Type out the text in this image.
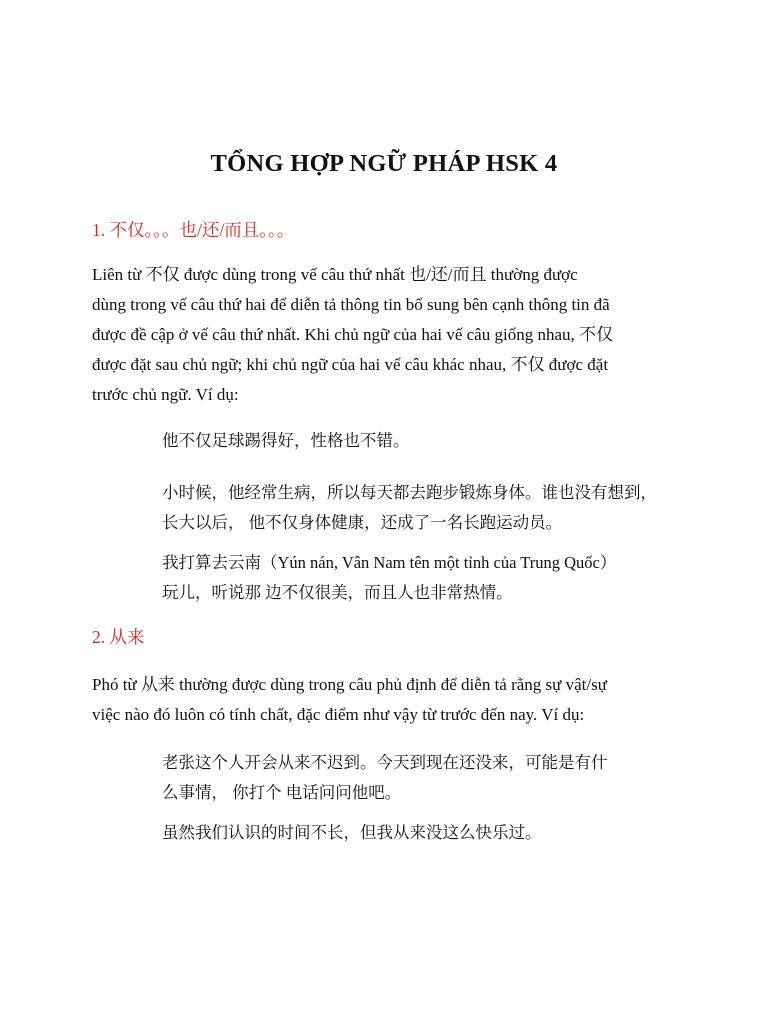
TỔNG HỢP NGỮ PHÁP HSK 4
1. 不仅。。。也/还/而且。。。
Liên từ 不仅 được dùng trong vế câu thứ nhất 也/还/而且 thường được
dùng trong vế câu thứ hai để diễn tả thông tin bổ sung bên cạnh thông tin đã
được đề cập ở vế câu thứ nhất. Khi chủ ngữ của hai vế câu giống nhau, 不仅
được đặt sau chủ ngữ; khi chủ ngữ của hai vế câu khác nhau, 不仅 được đặt
trước chủ ngữ. Ví dụ:
他不仅足球踢得好，性格也不错。
小时候，他经常生病，所以每天都去跑步锻炼身体。谁也没有想到，
长大以后， 他不仅身体健康，还成了一名长跑运动员。
我打算去云南（Yún nán, Vân Nam tên một tỉnh của Trung Quốc）
玩儿，听说那 边不仅很美，而且人也非常热情。
2. 从来
Phó từ 从来 thường được dùng trong câu phủ định để diễn tả rằng sự vật/sự
việc nào đó luôn có tính chất, đặc điểm như vậy từ trước đến nay. Ví dụ:
老张这个人开会从来不迟到。今天到现在还没来，可能是有什
么事情， 你打个 电话问问他吧。
虽然我们认识的时间不长，但我从来没这么快乐过。
